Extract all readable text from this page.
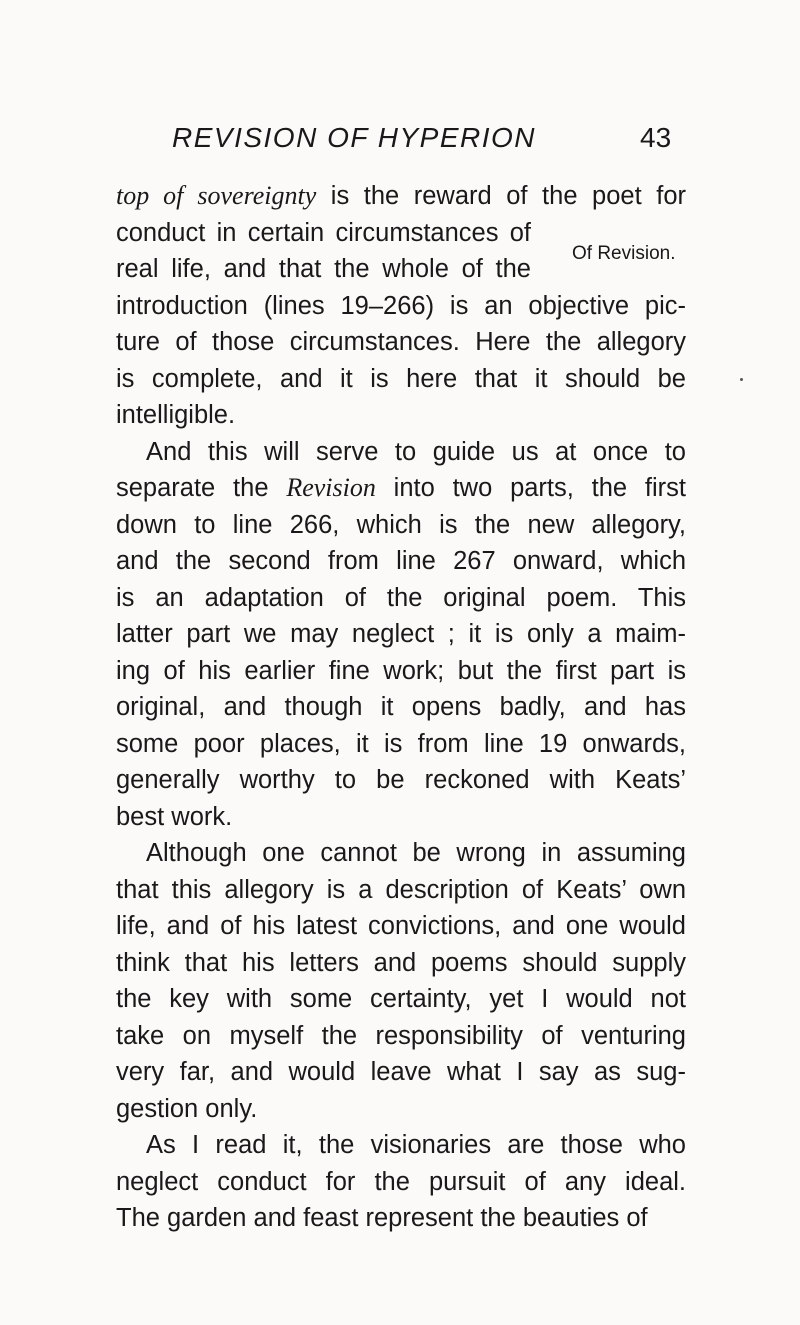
REVISION OF HYPERION	43
Of Revision.
top of sovereignty is the reward of the poet for
conduct in certain circumstances of
real life, and that the whole of the
introduction (lines 19–266) is an objective pic-
ture of those circumstances. Here the allegory
is complete, and it is here that it should be
intelligible.
And this will serve to guide us at once to
separate the Revision into two parts, the first
down to line 266, which is the new allegory,
and the second from line 267 onward, which
is an adaptation of the original poem. This
latter part we may neglect ; it is only a maim-
ing of his earlier fine work; but the first part is
original, and though it opens badly, and has
some poor places, it is from line 19 onwards,
generally worthy to be reckoned with Keats’
best work.
Although one cannot be wrong in assuming
that this allegory is a description of Keats’ own
life, and of his latest convictions, and one would
think that his letters and poems should supply
the key with some certainty, yet I would not
take on myself the responsibility of venturing
very far, and would leave what I say as sug-
gestion only.
As I read it, the visionaries are those who
neglect conduct for the pursuit of any ideal.
The garden and feast represent the beauties of
